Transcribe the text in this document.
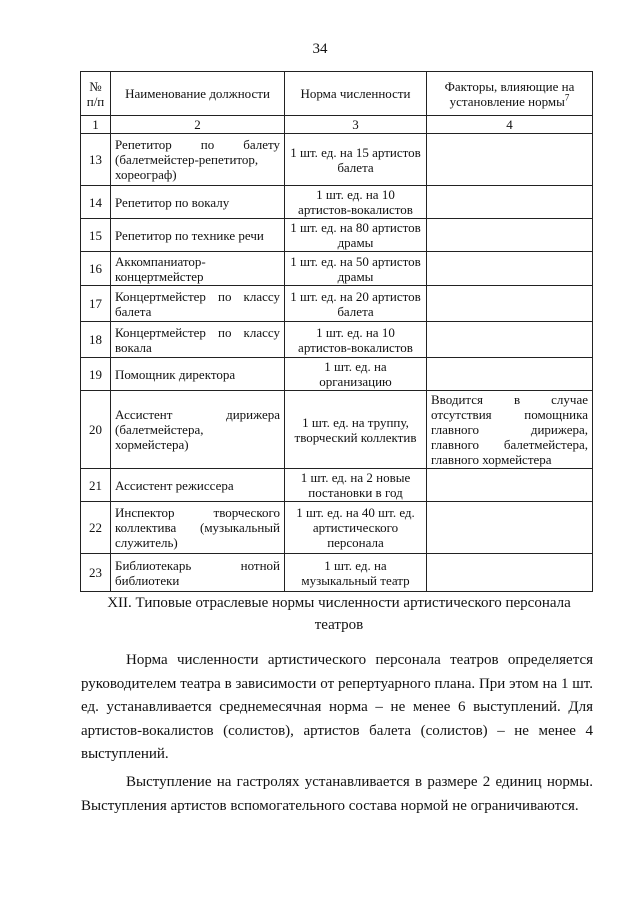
34
№ п/п	Наименование должности	Норма численности	Факторы, влияющие на установление нормы$^7$
1	2	3	4
13	Репетитор по балету (балетмейстер-репетитор, хореограф)	1 шт. ед. на 15 артистов балета	
14	Репетитор по вокалу	1 шт. ед. на 10 артистов-вокалистов	
15	Репетитор по технике речи	1 шт. ед. на 80 артистов драмы	
16	Аккомпаниатор-концертмейстер	1 шт. ед. на 50 артистов драмы	
17	Концертмейстер по классу балета	1 шт. ед. на 20 артистов балета	
18	Концертмейстер по классу вокала	1 шт. ед. на 10 артистов-вокалистов	
19	Помощник директора	1 шт. ед. на организацию	
20	Ассистент дирижера (балетмейстера, хормейстера)	1 шт. ед. на труппу, творческий коллектив	Вводится в случае отсутствия помощника главного дирижера, главного балетмейстера, главного хормейстера
21	Ассистент режиссера	1 шт. ед. на 2 новые постановки в год	
22	Инспектор творческого коллектива (музыкальный служитель)	1 шт. ед. на 40 шт. ед. артистического персонала	
23	Библиотекарь нотной библиотеки	1 шт. ед. на музыкальный театр	
XII. Типовые отраслевые нормы численности артистического персонала театров

Норма численности артистического персонала театров определяется руководителем театра в зависимости от репертуарного плана. При этом на 1 шт. ед. устанавливается среднемесячная норма – не менее 6 выступлений. Для артистов-вокалистов (солистов), артистов балета (солистов) – не менее 4 выступлений.

Выступление на гастролях устанавливается в размере 2 единиц нормы. Выступления артистов вспомогательного состава нормой не ограничиваются.
